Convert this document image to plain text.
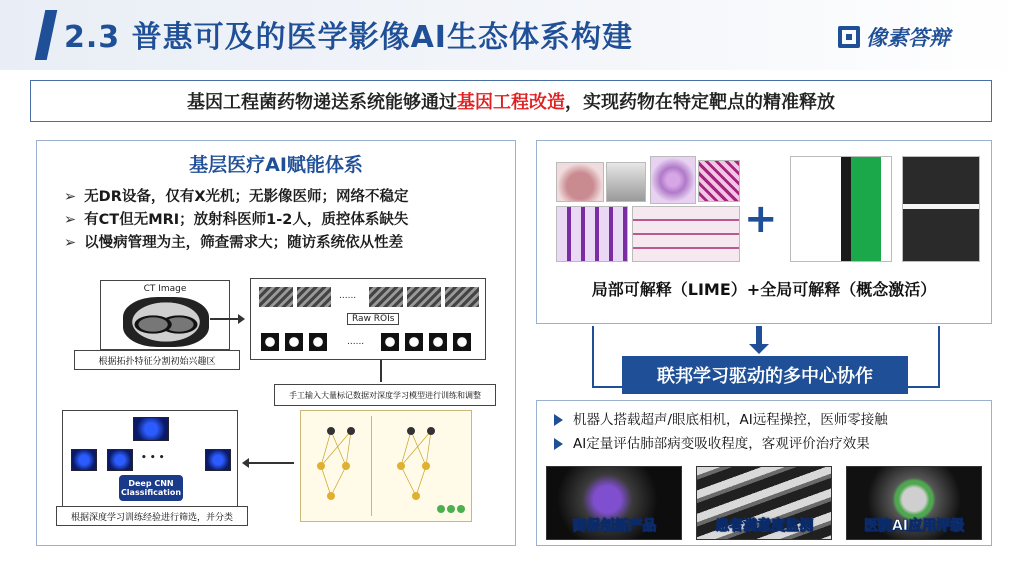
2.3 普惠可及的医学影像AI生态体系构建	像素答辩
基因工程菌药物递送系统能够通过 基因工程改造 ，实现药物在特定靶点的精准释放
基层医疗AI赋能体系
➢ 无DR设备，仅有X光机；无影像医师；网络不稳定
➢ 有CT但无MRI；放射科医师1-2人，质控体系缺失
➢ 以慢病管理为主，筛查需求大；随访系统依从性差
CT Image
根据拓扑特征分割初始兴趣区
......
Raw ROIs
......
手工输入大量标记数据对深度学习模型进行训练和调整
• • •
Deep CNN Classification
根据深度学习训练经验进行筛选，并分类
+
局部可解释（LIME）+全局可解释（概念激活）
联邦学习驱动的多中心协作
机器人搭载超声/眼底相机，AI远程操控，医师零接触
AI定量评估肺部病变吸收程度，客观评价治疗效果
商保创新产品	患者满意度监测	医院AI应用评级
